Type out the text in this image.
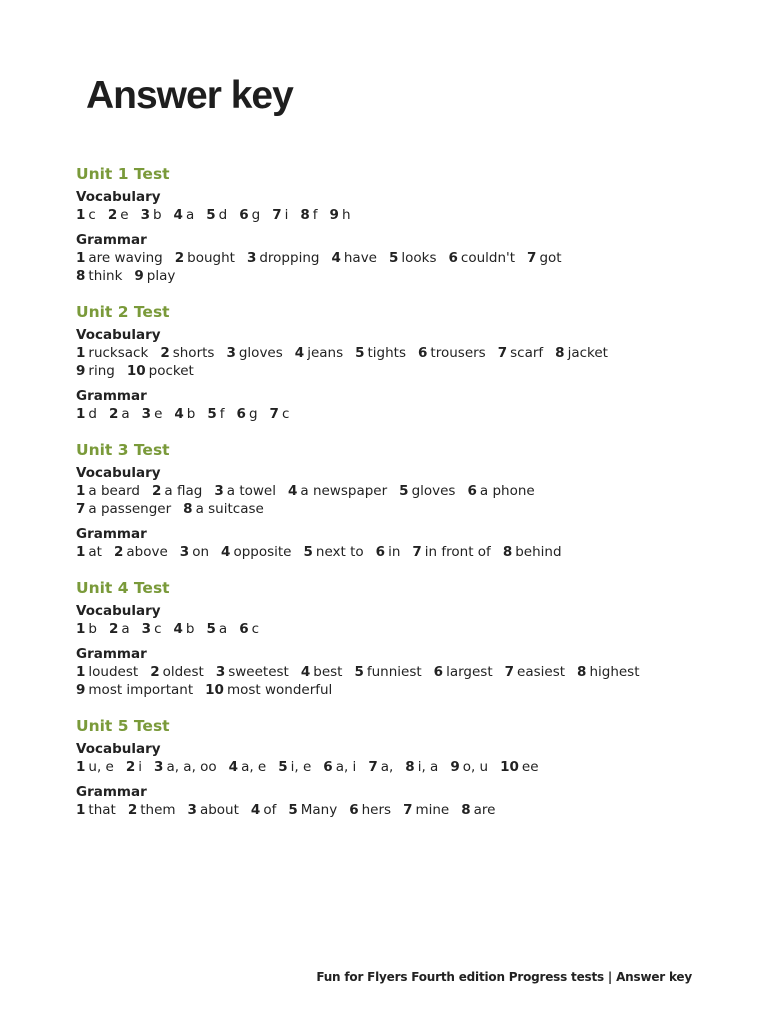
Answer key
Unit 1 Test
Vocabulary
1 c 2 e 3 b 4 a 5 d 6 g 7 i 8 f 9 h
Grammar
1 are waving 2 bought 3 dropping 4 have 5 looks 6 couldn't 7 got
8 think 9 play
Unit 2 Test
Vocabulary
1 rucksack 2 shorts 3 gloves 4 jeans 5 tights 6 trousers 7 scarf 8 jacket
9 ring 10 pocket
Grammar
1 d 2 a 3 e 4 b 5 f 6 g 7 c
Unit 3 Test
Vocabulary
1 a beard 2 a flag 3 a towel 4 a newspaper 5 gloves 6 a phone
7 a passenger 8 a suitcase
Grammar
1 at 2 above 3 on 4 opposite 5 next to 6 in 7 in front of 8 behind
Unit 4 Test
Vocabulary
1 b 2 a 3 c 4 b 5 a 6 c
Grammar
1 loudest 2 oldest 3 sweetest 4 best 5 funniest 6 largest 7 easiest 8 highest
9 most important 10 most wonderful
Unit 5 Test
Vocabulary
1 u, e 2 i 3 a, a, oo 4 a, e 5 i, e 6 a, i 7 a, 8 i, a 9 o, u 10 ee
Grammar
1 that 2 them 3 about 4 of 5 Many 6 hers 7 mine 8 are
Fun for Flyers Fourth edition Progress tests | Answer key
